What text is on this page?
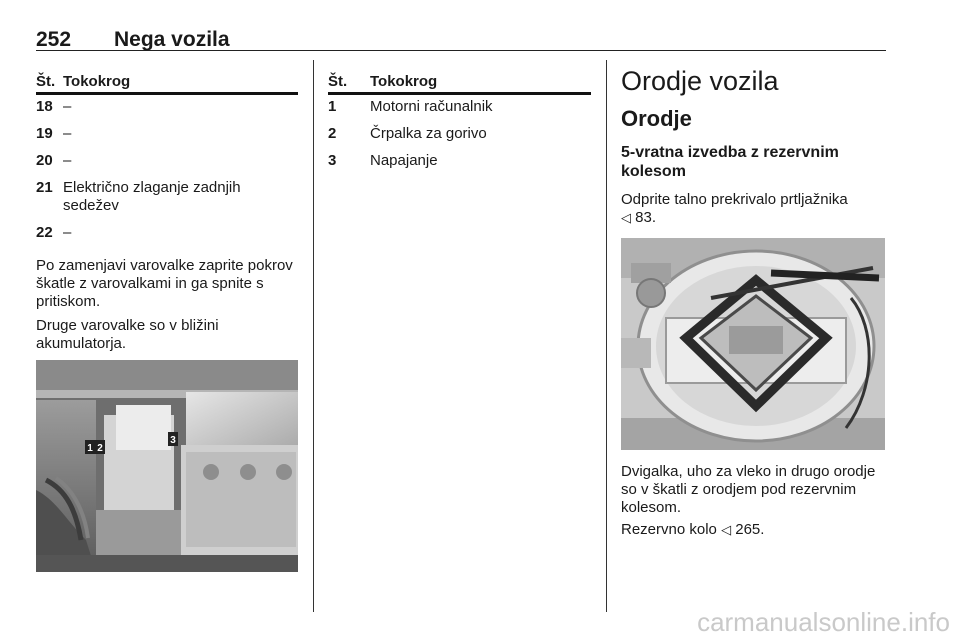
252 Nega vozila
Št. Tokokrog
18 –
19 –
20 –
21 Električno zlaganje zadnjih sedežev
22 –
Po zamenjavi varovalke zaprite pokrov škatle z varovalkami in ga spnite s pritiskom.
Druge varovalke so v bližini akumulatorja.
1 2
3
Št. Tokokrog
1 Motorni računalnik
2 Črpalka za gorivo
3 Napajanje
Orodje vozila
Orodje
5-vratna izvedba z rezervnim kolesom
Odprite talno prekrivalo prtljažnika
◁ 83.
Dvigalka, uho za vleko in drugo orodje so v škatli z orodjem pod rezervnim kolesom.
Rezervno kolo ◁ 265.
carmanualsonline.info
